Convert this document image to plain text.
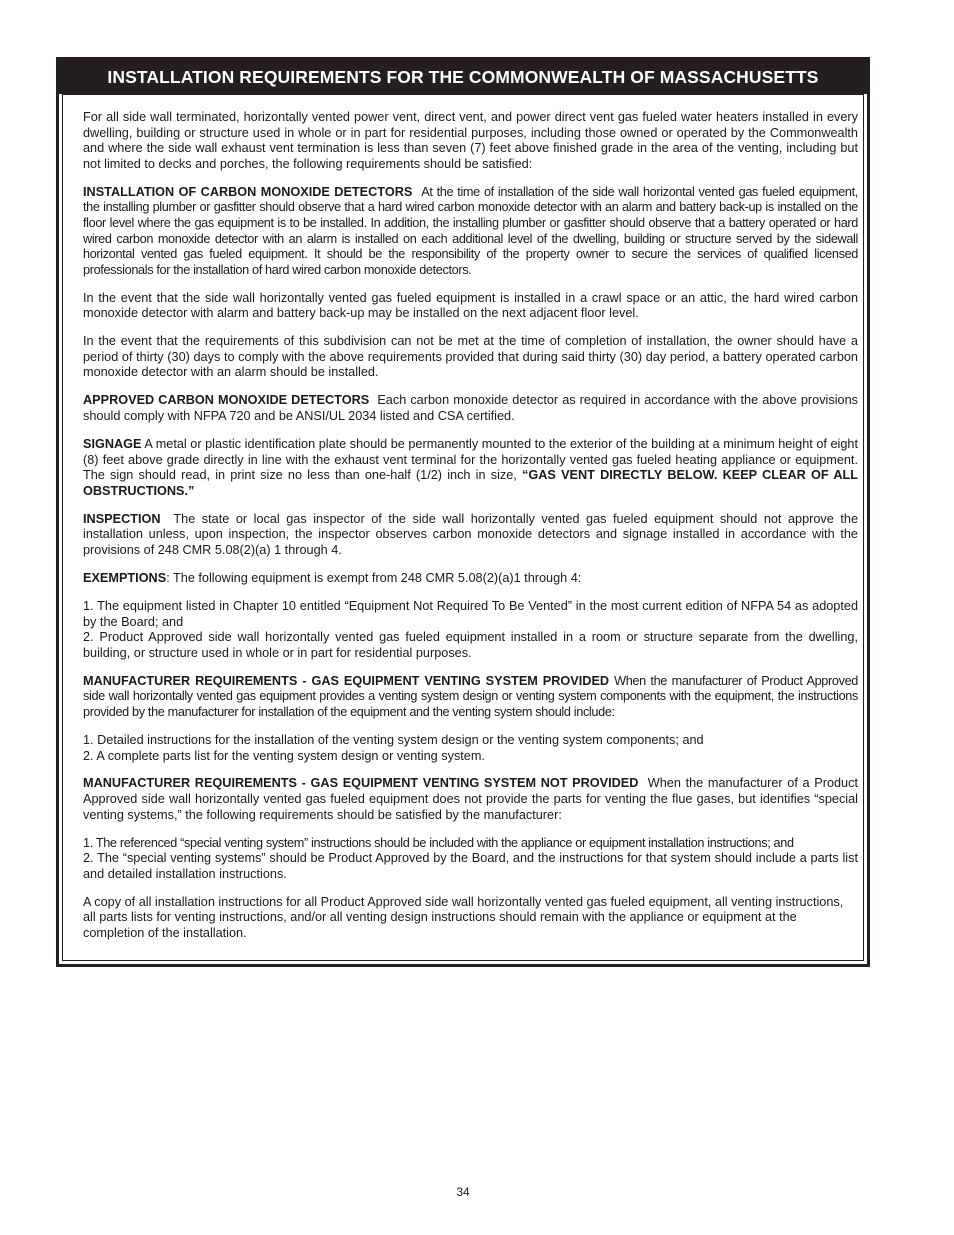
INSTALLATION REQUIREMENTS FOR THE COMMONWEALTH OF MASSACHUSETTS

For all side wall terminated, horizontally vented power vent, direct vent, and power direct vent gas fueled water heaters installed in every dwelling, building or structure used in whole or in part for residential purposes, including those owned or operated by the Commonwealth and where the side wall exhaust vent termination is less than seven (7) feet above finished grade in the area of the venting, including but not limited to decks and porches, the following requirements should be satisfied:

INSTALLATION OF CARBON MONOXIDE DETECTORS At the time of installation of the side wall horizontal vented gas fueled equipment, the installing plumber or gasfitter should observe that a hard wired carbon monoxide detector with an alarm and battery back-up is installed on the floor level where the gas equipment is to be installed. In addition, the installing plumber or gasfitter should observe that a battery operated or hard wired carbon monoxide detector with an alarm is installed on each additional level of the dwelling, building or structure served by the sidewall horizontal vented gas fueled equipment. It should be the responsibility of the property owner to secure the services of qualified licensed professionals for the installation of hard wired carbon monoxide detectors.

In the event that the side wall horizontally vented gas fueled equipment is installed in a crawl space or an attic, the hard wired carbon monoxide detector with alarm and battery back-up may be installed on the next adjacent floor level.

In the event that the requirements of this subdivision can not be met at the time of completion of installation, the owner should have a period of thirty (30) days to comply with the above requirements provided that during said thirty (30) day period, a battery operated carbon monoxide detector with an alarm should be installed.

APPROVED CARBON MONOXIDE DETECTORS Each carbon monoxide detector as required in accordance with the above provisions should comply with NFPA 720 and be ANSI/UL 2034 listed and CSA certified.

SIGNAGE A metal or plastic identification plate should be permanently mounted to the exterior of the building at a minimum height of eight (8) feet above grade directly in line with the exhaust vent terminal for the horizontally vented gas fueled heating appliance or equipment. The sign should read, in print size no less than one-half (1/2) inch in size, “GAS VENT DIRECTLY BELOW. KEEP CLEAR OF ALL OBSTRUCTIONS.”

INSPECTION The state or local gas inspector of the side wall horizontally vented gas fueled equipment should not approve the installation unless, upon inspection, the inspector observes carbon monoxide detectors and signage installed in accordance with the provisions of 248 CMR 5.08(2)(a) 1 through 4.

EXEMPTIONS: The following equipment is exempt from 248 CMR 5.08(2)(a)1 through 4:

1. The equipment listed in Chapter 10 entitled “Equipment Not Required To Be Vented” in the most current edition of NFPA 54 as adopted by the Board; and
2. Product Approved side wall horizontally vented gas fueled equipment installed in a room or structure separate from the dwelling, building, or structure used in whole or in part for residential purposes.

MANUFACTURER REQUIREMENTS - GAS EQUIPMENT VENTING SYSTEM PROVIDED When the manufacturer of Product Approved side wall horizontally vented gas equipment provides a venting system design or venting system components with the equipment, the instructions provided by the manufacturer for installation of the equipment and the venting system should include:

1. Detailed instructions for the installation of the venting system design or the venting system components; and
2. A complete parts list for the venting system design or venting system.

MANUFACTURER REQUIREMENTS - GAS EQUIPMENT VENTING SYSTEM NOT PROVIDED When the manufacturer of a Product Approved side wall horizontally vented gas fueled equipment does not provide the parts for venting the flue gases, but identifies “special venting systems,” the following requirements should be satisfied by the manufacturer:

1. The referenced “special venting system” instructions should be included with the appliance or equipment installation instructions; and
2. The “special venting systems” should be Product Approved by the Board, and the instructions for that system should include a parts list and detailed installation instructions.

A copy of all installation instructions for all Product Approved side wall horizontally vented gas fueled equipment, all venting instructions, all parts lists for venting instructions, and/or all venting design instructions should remain with the appliance or equipment at the completion of the installation.

34
